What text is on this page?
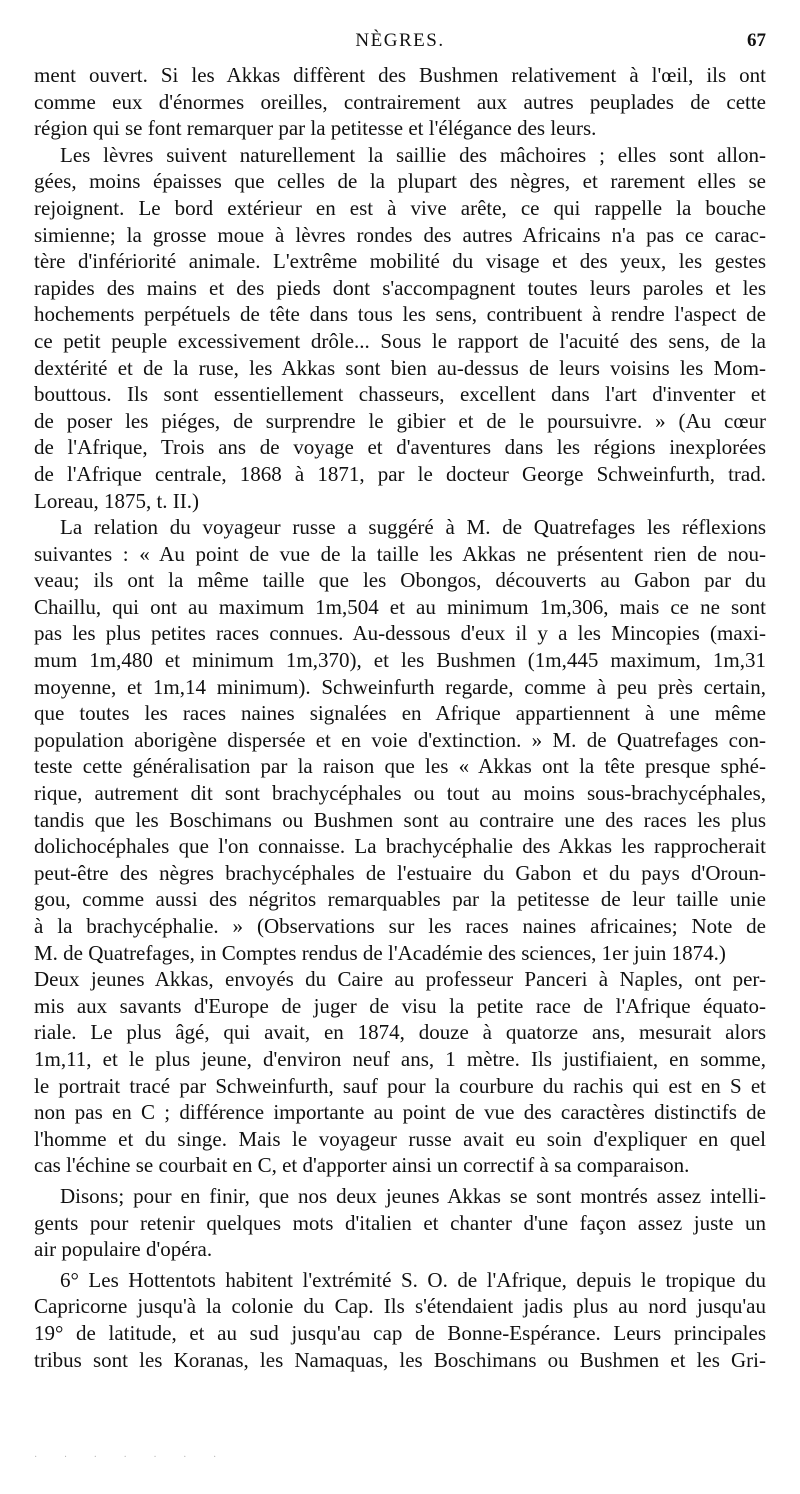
NÈGRES.	67
ment ouvert. Si les Akkas diffèrent des Bushmen relativement à l'œil, ils ont
comme eux d'énormes oreilles, contrairement aux autres peuplades de cette
région qui se font remarquer par la petitesse et l'élégance des leurs.
Les lèvres suivent naturellement la saillie des mâchoires ; elles sont allon-
gées, moins épaisses que celles de la plupart des nègres, et rarement elles se
rejoignent. Le bord extérieur en est à vive arête, ce qui rappelle la bouche
simienne; la grosse moue à lèvres rondes des autres Africains n'a pas ce carac-
tère d'infériorité animale. L'extrême mobilité du visage et des yeux, les gestes
rapides des mains et des pieds dont s'accompagnent toutes leurs paroles et les
hochements perpétuels de tête dans tous les sens, contribuent à rendre l'aspect de
ce petit peuple excessivement drôle... Sous le rapport de l'acuité des sens, de la
dextérité et de la ruse, les Akkas sont bien au-dessus de leurs voisins les Mom-
bouttous. Ils sont essentiellement chasseurs, excellent dans l'art d'inventer et
de poser les piéges, de surprendre le gibier et de le poursuivre. » (Au cœur
de l'Afrique, Trois ans de voyage et d'aventures dans les régions inexplorées
de l'Afrique centrale, 1868 à 1871, par le docteur George Schweinfurth, trad.
Loreau, 1875, t. II.)
La relation du voyageur russe a suggéré à M. de Quatrefages les réflexions
suivantes : « Au point de vue de la taille les Akkas ne présentent rien de nou-
veau; ils ont la même taille que les Obongos, découverts au Gabon par du
Chaillu, qui ont au maximum 1m,504 et au minimum 1m,306, mais ce ne sont
pas les plus petites races connues. Au-dessous d'eux il y a les Mincopies (maxi-
mum 1m,480 et minimum 1m,370), et les Bushmen (1m,445 maximum, 1m,31
moyenne, et 1m,14 minimum). Schweinfurth regarde, comme à peu près certain,
que toutes les races naines signalées en Afrique appartiennent à une même
population aborigène dispersée et en voie d'extinction. » M. de Quatrefages con-
teste cette généralisation par la raison que les « Akkas ont la tête presque sphé-
rique, autrement dit sont brachycéphales ou tout au moins sous-brachycéphales,
tandis que les Boschimans ou Bushmen sont au contraire une des races les plus
dolichocéphales que l'on connaisse. La brachycéphalie des Akkas les rapprocherait
peut-être des nègres brachycéphales de l'estuaire du Gabon et du pays d'Oroun-
gou, comme aussi des négritos remarquables par la petitesse de leur taille unie
à la brachycéphalie. » (Observations sur les races naines africaines; Note de
M. de Quatrefages, in Comptes rendus de l'Académie des sciences, 1er juin 1874.)
Deux jeunes Akkas, envoyés du Caire au professeur Panceri à Naples, ont per-
mis aux savants d'Europe de juger de visu la petite race de l'Afrique équato-
riale. Le plus âgé, qui avait, en 1874, douze à quatorze ans, mesurait alors
1m,11, et le plus jeune, d'environ neuf ans, 1 mètre. Ils justifiaient, en somme,
le portrait tracé par Schweinfurth, sauf pour la courbure du rachis qui est en S et
non pas en C ; différence importante au point de vue des caractères distinctifs de
l'homme et du singe. Mais le voyageur russe avait eu soin d'expliquer en quel
cas l'échine se courbait en C, et d'apporter ainsi un correctif à sa comparaison.
Disons; pour en finir, que nos deux jeunes Akkas se sont montrés assez intelli-
gents pour retenir quelques mots d'italien et chanter d'une façon assez juste un
air populaire d'opéra.
6° Les Hottentots habitent l'extrémité S. O. de l'Afrique, depuis le tropique du
Capricorne jusqu'à la colonie du Cap. Ils s'étendaient jadis plus au nord jusqu'au
19° de latitude, et au sud jusqu'au cap de Bonne-Espérance. Leurs principales
tribus sont les Koranas, les Namaquas, les Boschimans ou Bushmen et les Gri-
· · · · · · ·
